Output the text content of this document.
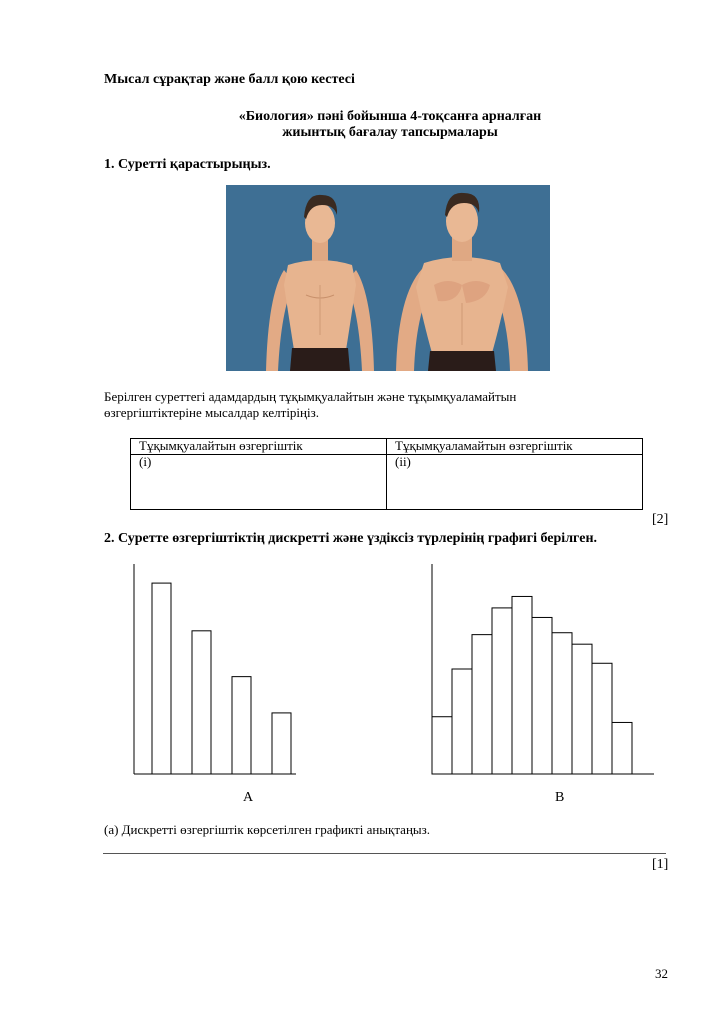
Мысал сұрақтар және балл қою кестесі
«Биология» пәні бойынша 4-тоқсанға арналған
жиынтық бағалау тапсырмалары
1. Суретті қарастырыңыз.
Берілген суреттегі адамдардың тұқымқуалайтын және тұқымқуаламайтын
өзгергіштіктеріне мысалдар келтіріңіз.
Тұқымқуалайтын өзгергіштік	Тұқымқуаламайтын өзгергіштік
(i)	(ii)
[2]
2. Суретте өзгергіштіктің дискретті және үздіксіз түрлерінің графигі берілген.
A	B
(a) Дискретті өзгергіштік көрсетілген графикті анықтаңыз.
[1]
32
